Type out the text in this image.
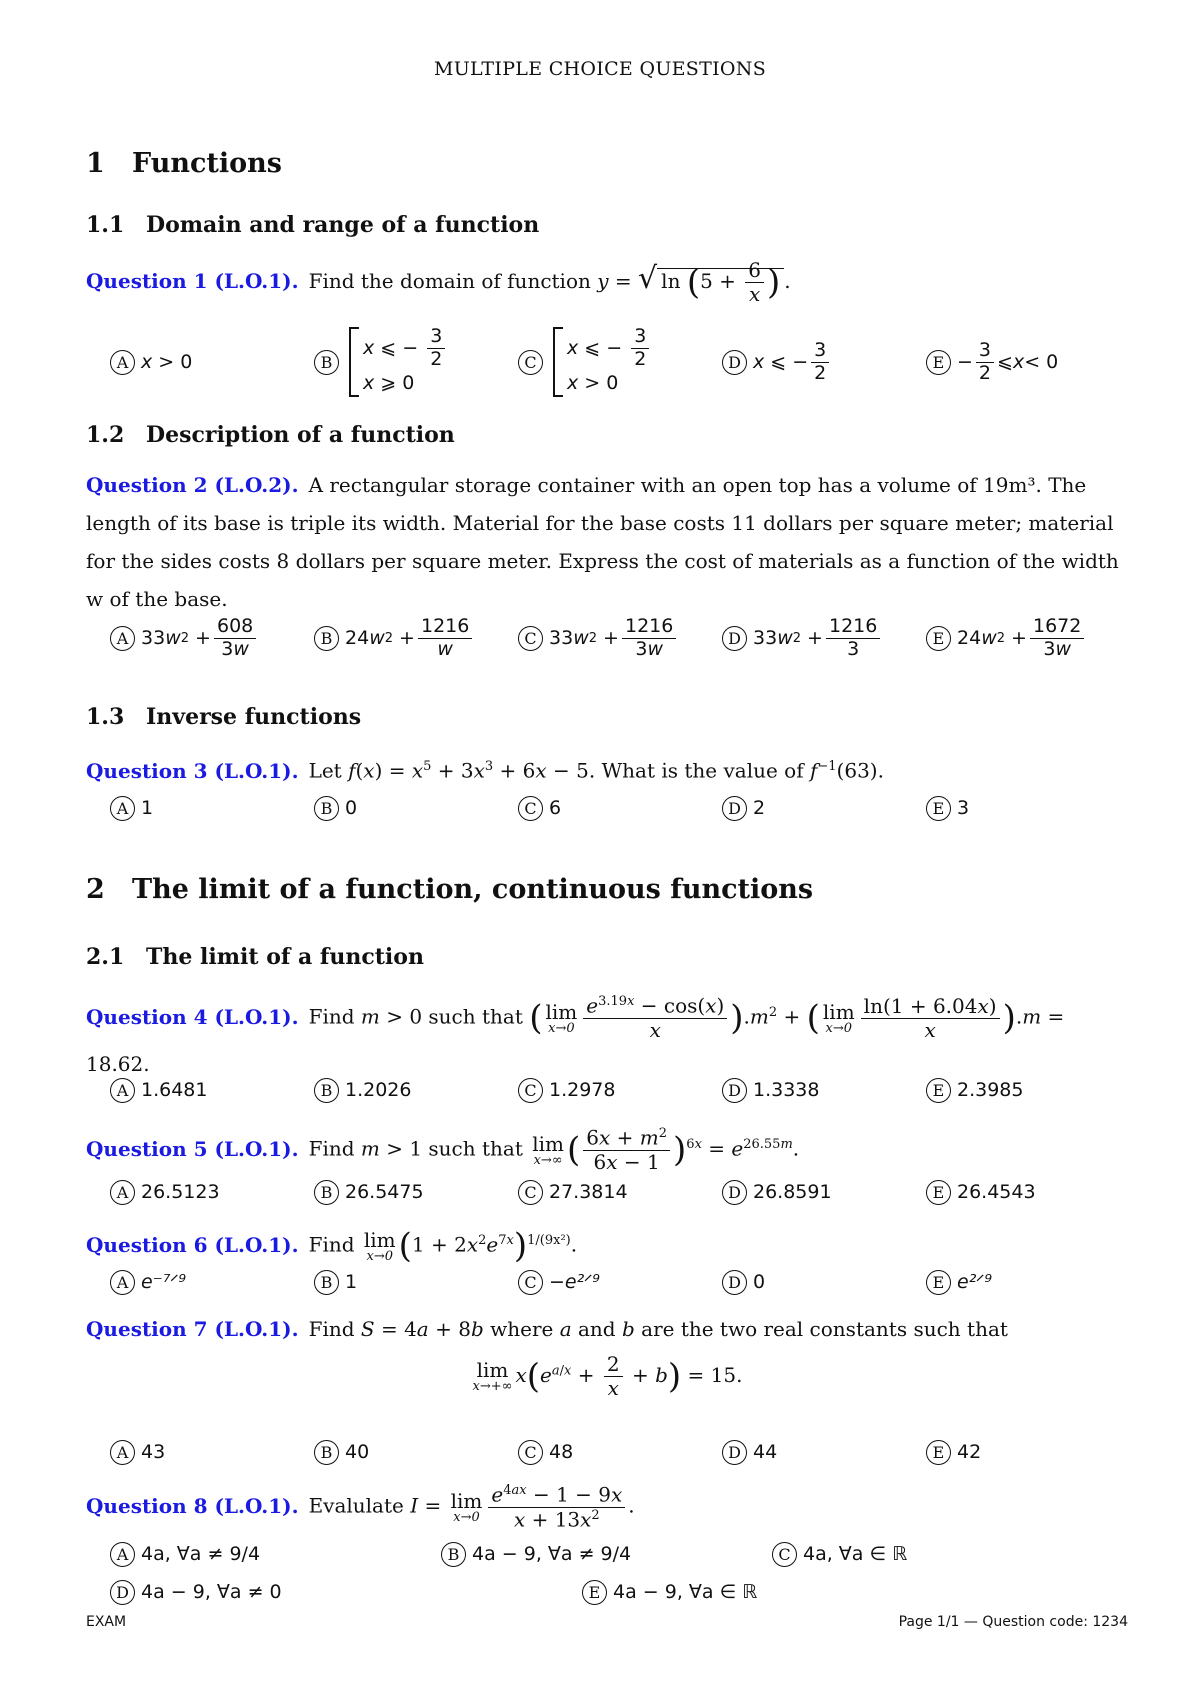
MULTIPLE CHOICE QUESTIONS
1 Functions
1.1 Domain and range of a function
Question 1 (L.O.1). Find the domain of function y = √ $\ln (5 + \frac{6}{x}$ ) .
A x > 0	B
x ⩽ − $\frac{3}{2}$
x ⩾ 0
C
x ⩽ − $\frac{3}{2}$
x > 0
D x ⩽ − $\frac{3}{2}$	$E - \frac{3}{2}$ ⩽ x < 0
1.2 Description of a function
Question 2 (L.O.2). A rectangular storage container with an open top has a volume of 19m³. The length of its base is triple its width. Material for the base costs 11 dollars per square meter; material for the sides costs 8 dollars per square meter. Express the cost of materials as a function of the width w of the base.
A 33 w $2 + \frac{608}{3w}$	B 24 w $2 + \frac{1216}{w}$	C 33 w $2 + \frac{1216}{3w}$	D 33 w $2 + \frac{1216}{3}$	E 24 w $2 + \frac{1672}{3w}$
1.3 Inverse functions
Question 3 (L.O.1). Let $f(x) = x^5 + 3x^3 + 6x - 5$. What is the value of $f^{-1}(63)$.
A 1	B 0	C 6	D 2	E 3
2 The limit of a function, continuous functions
2.1 The limit of a function
Question 4 (L.O.1). Find m > 0 such that ( lim
$x\to 0 \frac{e^{3.19x} - \cos(x)}{x} ).m^2$ + ( lim
$x\to 0 \frac{\ln(1 + 6.04x)}{x} ).m = 18.62$.
A 1.6481	B 1.2026	C 1.2978	D 1.3338	E 2.3985
Question 5 (L.O.1). Find m > 1 such that lim
x→∞ ( $\frac{6x + m^2}{6x - 1} )^{6x} = e^{26.55m}$.
A 26.5123	B 26.5475	C 27.3814	D 26.8591	E 26.4543
Question 6 (L.O.1). Find lim
x→0 $(1 + 2x^2e^{7x})^{1/(9x^2)}$.
A e⁻⁷ᐟ⁹	B 1	C −e²ᐟ⁹	D 0	E e²ᐟ⁹
Question 7 (L.O.1). Find S = 4a + 8b where a and b are the two real constants such that
lim
x→+∞ $x(e^{a/x} + \frac{2}{x} + b) = 15$.
A 43	B 40	C 48	D 44	E 42
Question 8 (L.O.1). Evalulate I = lim
$x\to 0 \frac{e^{4ax} - 1 - 9x}{x + 13x^2}$ .
A 4a, ∀a ≠ 9/4	B 4a − 9, ∀a ≠ 9/4	C 4a, ∀a ∈ ℝ
D 4a − 9, ∀a ≠ 0	E 4a − 9, ∀a ∈ ℝ
EXAM	Page 1/1 — Question code: 1234
